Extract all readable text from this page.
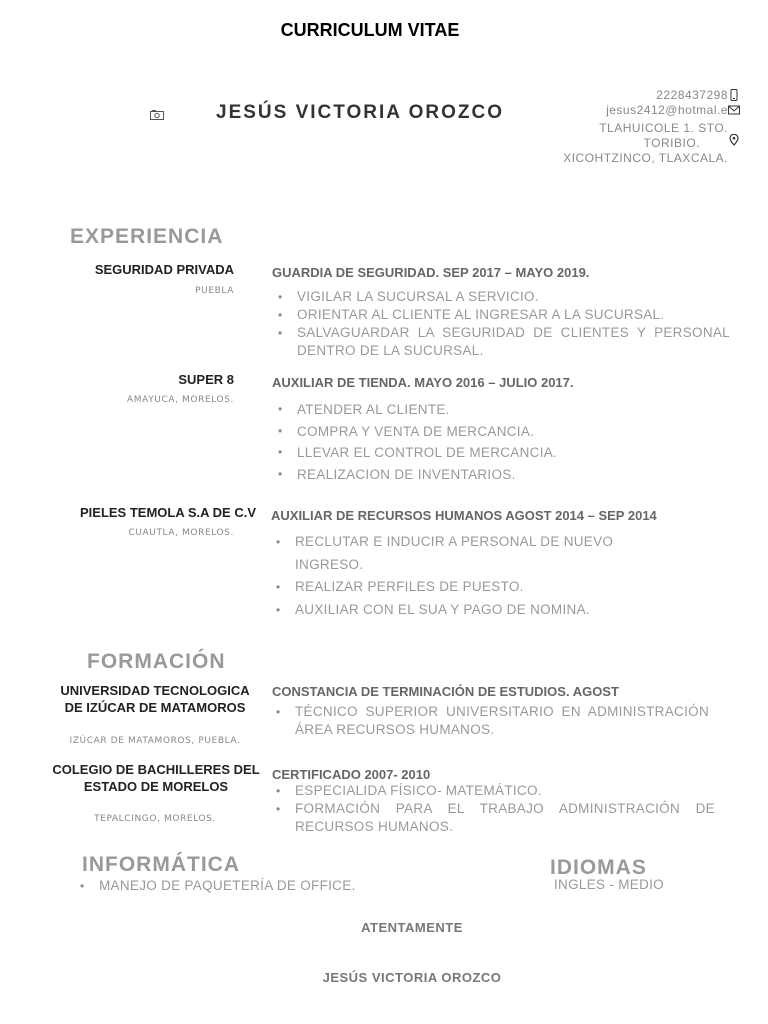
CURRICULUM VITAE
JESÚS VICTORIA OROZCO
2228437298
jesus2412@hotmal.e
TLAHUICOLE 1. STO.
TORIBIO.
XICOHTZINCO, TLAXCALA.
EXPERIENCIA
SEGURIDAD PRIVADA
PUEBLA
GUARDIA DE SEGURIDAD. SEP 2017 – MAYO 2019.
• VIGILAR LA SUCURSAL A SERVICIO.
• ORIENTAR AL CLIENTE AL INGRESAR A LA SUCURSAL.
• SALVAGUARDAR LA SEGURIDAD DE CLIENTES Y PERSONAL DENTRO DE LA SUCURSAL.
SUPER 8
AMAYUCA, MORELOS.
AUXILIAR DE TIENDA. MAYO 2016 – JULIO 2017.
• ATENDER AL CLIENTE.
• COMPRA Y VENTA DE MERCANCIA.
• LLEVAR EL CONTROL DE MERCANCIA.
• REALIZACION DE INVENTARIOS.
PIELES TEMOLA S.A DE C.V
CUAUTLA, MORELOS.
AUXILIAR DE RECURSOS HUMANOS AGOST 2014 – SEP 2014
• RECLUTAR E INDUCIR A PERSONAL DE NUEVO INGRESO.
• REALIZAR PERFILES DE PUESTO.
• AUXILIAR CON EL SUA Y PAGO DE NOMINA.
FORMACIÓN
UNIVERSIDAD TECNOLOGICA DE IZÚCAR DE MATAMOROS
IZÚCAR DE MATAMOROS, PUEBLA.
CONSTANCIA DE TERMINACIÓN DE ESTUDIOS. AGOST
• TÉCNICO SUPERIOR UNIVERSITARIO EN ADMINISTRACIÓN ÁREA RECURSOS HUMANOS.
COLEGIO DE BACHILLERES DEL ESTADO DE MORELOS
TEPALCINGO, MORELOS.
CERTIFICADO 2007- 2010
• ESPECIALIDA FÍSICO- MATEMÁTICO.
• FORMACIÓN PARA EL TRABAJO ADMINISTRACIÓN DE RECURSOS HUMANOS.
INFORMÁTICA
• MANEJO DE PAQUETERÍA DE OFFICE.
IDIOMAS
INGLES - MEDIO
ATENTAMENTE
JESÚS VICTORIA OROZCO
